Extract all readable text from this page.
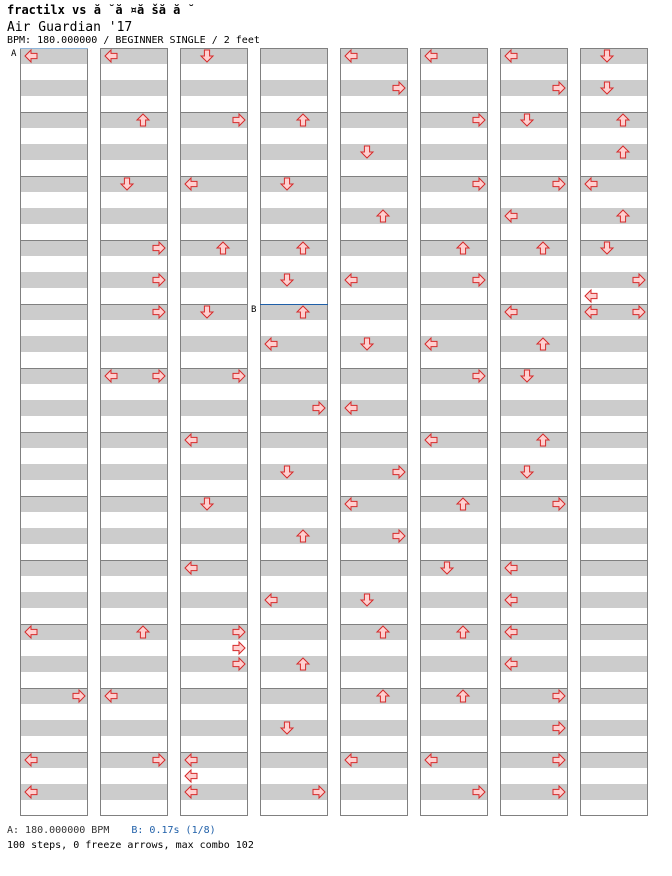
fractilx vs ă ˘ă ¤ă šă ă ˘
Air Guardian '17
BPM: 180.000000 / BEGINNER SINGLE / 2 feet
A
B
A: 180.000000 BPM B: 0.17s (1/8)
100 steps, 0 freeze arrows, max combo 102
